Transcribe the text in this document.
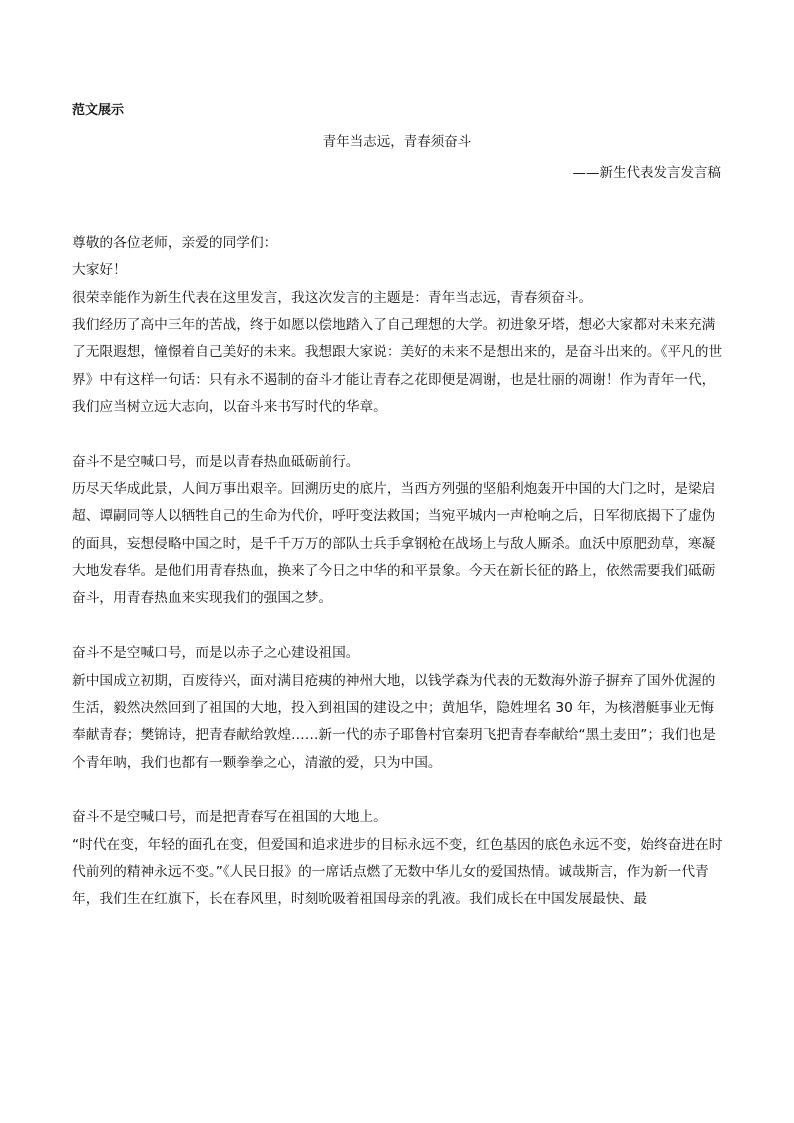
范文展示
青年当志远，青春须奋斗
——新生代表发言发言稿

尊敬的各位老师，亲爱的同学们：

大家好！

很荣幸能作为新生代表在这里发言，我这次发言的主题是：青年当志远，青春须奋斗。

我们经历了高中三年的苦战，终于如愿以偿地踏入了自己理想的大学。初进象牙塔，想必大家都对未来充满了无限遐想，憧憬着自己美好的未来。我想跟大家说：美好的未来不是想出来的，是奋斗出来的。《平凡的世界》中有这样一句话：只有永不遏制的奋斗才能让青春之花即便是凋谢，也是壮丽的凋谢！作为青年一代，我们应当树立远大志向，以奋斗来书写时代的华章。

奋斗不是空喊口号，而是以青春热血砥砺前行。

历尽天华成此景，人间万事出艰辛。回溯历史的底片，当西方列强的坚船利炮轰开中国的大门之时，是梁启超、谭嗣同等人以牺牲自己的生命为代价，呼吁变法救国；当宛平城内一声枪响之后，日军彻底揭下了虚伪的面具，妄想侵略中国之时，是千千万万的部队士兵手拿钢枪在战场上与敌人厮杀。血沃中原肥劲草，寒凝大地发春华。是他们用青春热血，换来了今日之中华的和平景象。今天在新长征的路上，依然需要我们砥砺奋斗，用青春热血来实现我们的强国之梦。

奋斗不是空喊口号，而是以赤子之心建设祖国。

新中国成立初期，百废待兴，面对满目疮痍的神州大地，以钱学森为代表的无数海外游子摒弃了国外优渥的生活，毅然决然回到了祖国的大地，投入到祖国的建设之中；黄旭华，隐姓埋名 30 年，为核潜艇事业无悔奉献青春；樊锦诗，把青春献给敦煌……新一代的赤子耶鲁村官秦玥飞把青春奉献给“黑土麦田”；我们也是个青年呐，我们也都有一颗拳拳之心，清澈的爱，只为中国。

奋斗不是空喊口号，而是把青春写在祖国的大地上。

“时代在变，年轻的面孔在变，但爱国和追求进步的目标永远不变，红色基因的底色永远不变，始终奋进在时代前列的精神永远不变。”《人民日报》的一席话点燃了无数中华儿女的爱国热情。诚哉斯言，作为新一代青年，我们生在红旗下，长在春风里，时刻吮吸着祖国母亲的乳液。我们成长在中国发展最快、最
